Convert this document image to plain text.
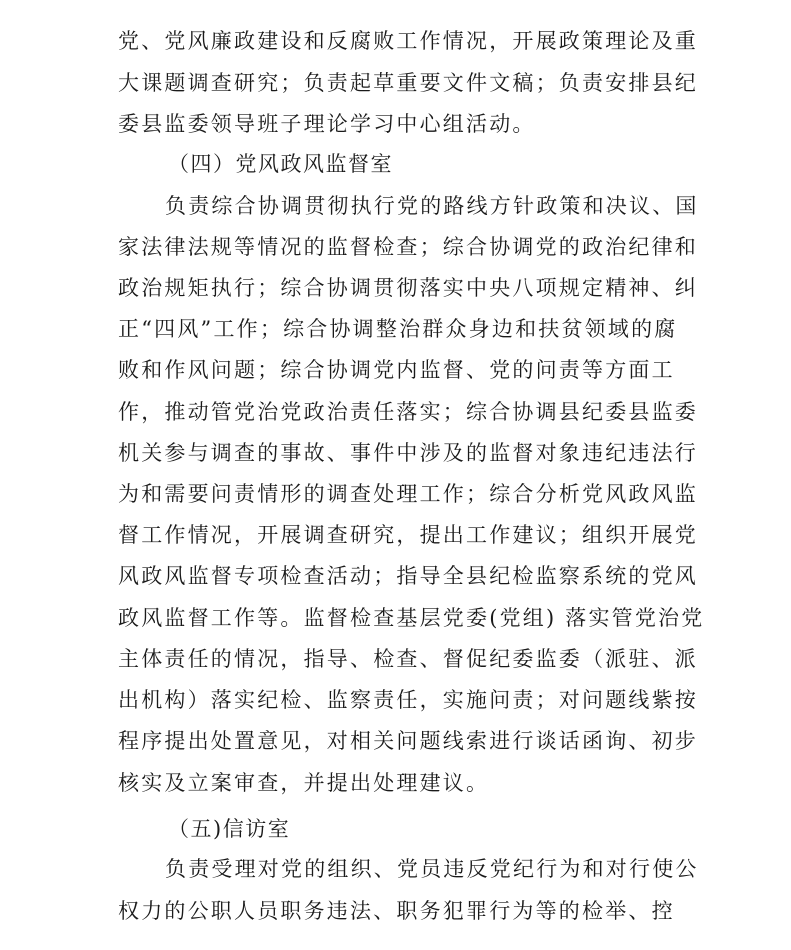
党、党风廉政建设和反腐败工作情况，开展政策理论及重
大课题调查研究；负责起草重要文件文稿；负责安排县纪
委县监委领导班子理论学习中心组活动。
（四）党风政风监督室
负责综合协调贯彻执行党的路线方针政策和决议、国
家法律法规等情况的监督检查；综合协调党的政治纪律和
政治规矩执行；综合协调贯彻落实中央八项规定精神、纠
正“四风”工作；综合协调整治群众身边和扶贫领域的腐
败和作风问题；综合协调党内监督、党的问责等方面工
作，推动管党治党政治责任落实；综合协调县纪委县监委
机关参与调查的事故、事件中涉及的监督对象违纪违法行
为和需要问责情形的调查处理工作；综合分析党风政风监
督工作情况，开展调查研究，提出工作建议；组织开展党
风政风监督专项检查活动；指导全县纪检监察系统的党风
政风监督工作等。监督检查基层党委(党组) 落实管党治党
主体责任的情况，指导、检查、督促纪委监委（派驻、派
出机构）落实纪检、监察责任，实施问责；对问题线紫按
程序提出处置意见，对相关问题线索进行谈话函询、初步
核实及立案审查，并提出处理建议。
（五)信访室
负责受理对党的组织、党员违反党纪行为和对行使公
权力的公职人员职务违法、职务犯罪行为等的检举、控
